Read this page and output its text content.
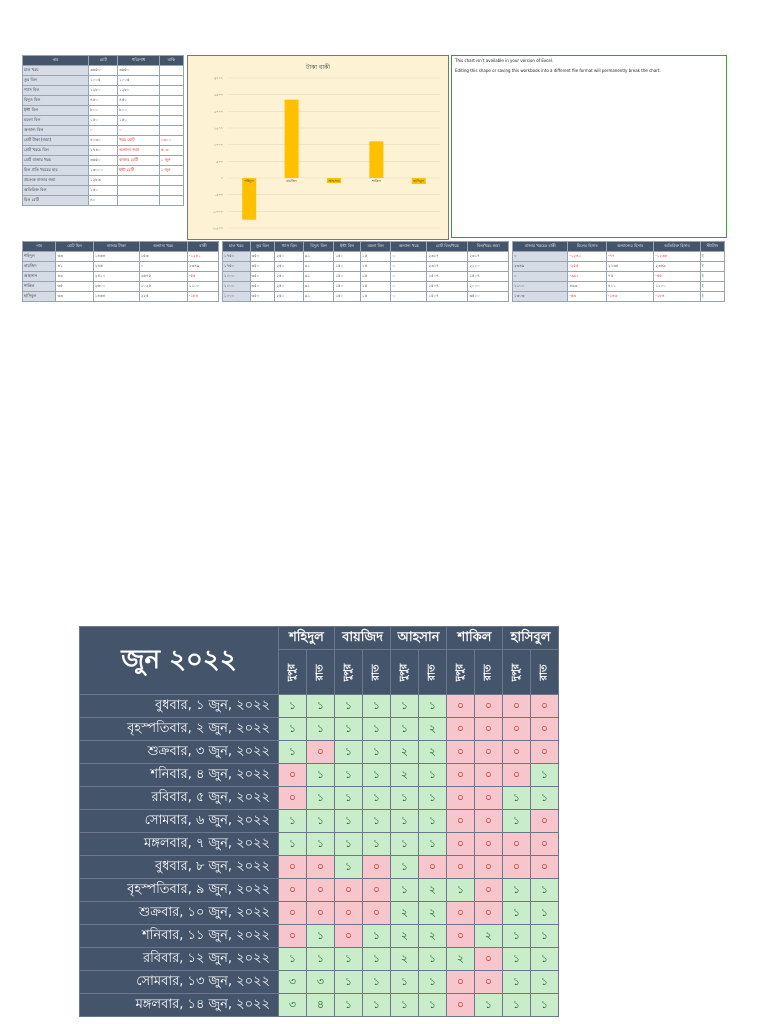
নাম	মোট	পরিশোধ	বাকি
চাল খরচ	৩৬৫০	৩৬৫০	
তুর বিল	১০০৫	১০০৫	
গ্যাস বিল	১২৮০	১২৮০	
বিদ্যুৎ বিল	৪৫০	৪৫০	
ইন্টা বিল	৮০০	৮০০	
ময়লা বিল	১৫০	১৫০	
অন্যান্য বিল	০	০	
মোট টাকা (জমা)	৪০৩০	খরচ মোট	১৩০০
মোট খরচে বিল	১৭৪০	অন্যান্য জমা	৫০৩
মোট বাজার খরচ	৩৬৫০	বাজার রেটি	১ জুন
মিল প্রতি খরচের হার	১৩০০০	ইন্টা রেটি	১ জুন
প্রত্যেক বাজার জমা	১২৮৩		
অতিরিক্ত বিল	১৫০		
মিল রেটি	৪০		
টাকা বাকী
৩০০০
২৫০০
২০০০
১৫০০
১০০০
৫০০
০
-৫০০
-১০০০
-১৫০০
শহিদুল	বায়জিদ	আহসান	শাকিল	হাসিবুল
This chart isn't available in your version of Excel.
Editing this shape or saving this workbook into a different file format will permanently break the chart.
নাম	মোট মিল	বাজার টাকা	অন্যান্য খরচ	বাকী
শহিদুল	৩৩	১৪৬৪	১৫৩	-১২৪১
বায়জিদ	৪১	২৪৬	০	২৩৪৯
আহসান	৪৩	২৪১০	২৬৭৫	-৫৫
শাকিল	৩৫	২৬০০	১০২৫	১১০০
হাসিবুল	৩৩	১৪৬৪	২২৫	-১৮৪
চাল খরচ	তুর বিল	গ্যাস বিল	বিদ্যুৎ বিল	ইন্টা বিল	ময়লা বিল	অন্যান্য খরচ	মোট বিল/খরচ	বিল/খরচ জমা
১৭৫০	৩৫০	২৫০	৯১	১৫০	১৫	০	২৩১৭	২৩১৭
১৭৫০	৩৫০	২৫০	৯১	১৫০	১৫	০	২৩১৭	২১০০
১০০০	৩৫০	২৫০	৯১	১৫০	১৫	০	১৫০৭	১৫০৭
১০০০	৩৫০	২৫০	৯১	১৫০	১৫	০	১৫০৭	২০০০
১০০০	৩৫০	২৫০	৯১	১৫০	১৫	০	১৫০৭	৩৫০০
বাজার খরচের বাকী	মিলের হিসাব	অন্যান্যের হিসাব	অতিরিক্ত হিসাব	স্ট্যাটাস
০	-১২৪১	-৭৭	-১২৩৮	ই
২৩৪৯	-২৫৫	২১৩৪	২৩৪৯	ই
০	-৩৯১	৭৫	-৫৫	ই
১১০০	৪৯৩	৪১১	১১০০	ই
১৩০৩	-৫৩	-১৪৩	-১৮৪	ই
জুন ২০২২	শহিদুল		বায়জিদ		আহসান		শাকিল		হাসিবুল	
	দুপুর	রাত	দুপুর	রাত	দুপুর	রাত	দুপুর	রাত	দুপুর	রাত
বুধবার, ১ জুন, ২০২২	১	১	১	১	১	১	০	০	০	০
বৃহস্পতিবার, ২ জুন, ২০২২	১	১	১	১	১	২	০	০	০	০
শুক্রবার, ৩ জুন, ২০২২	১	০	১	১	২	২	০	০	০	০
শনিবার, ৪ জুন, ২০২২	০	১	১	১	২	১	০	০	০	১
রবিবার, ৫ জুন, ২০২২	০	১	১	১	১	১	০	০	১	১
সোমবার, ৬ জুন, ২০২২	১	১	১	১	১	১	০	০	১	০
মঙ্গলবার, ৭ জুন, ২০২২	১	১	১	১	১	১	০	০	০	০
বুধবার, ৮ জুন, ২০২২	০	০	১	০	১	০	০	০	০	০
বৃহস্পতিবার, ৯ জুন, ২০২২	০	০	০	০	১	২	১	০	১	১
শুক্রবার, ১০ জুন, ২০২২	০	০	০	০	২	২	০	০	১	১
শনিবার, ১১ জুন, ২০২২	০	১	০	১	২	২	০	২	১	১
রবিবার, ১২ জুন, ২০২২	১	১	১	১	২	১	২	০	১	১
সোমবার, ১৩ জুন, ২০২২	৩	৩	১	১	১	১	০	০	১	১
মঙ্গলবার, ১৪ জুন, ২০২২	৩	৪	১	১	১	১	০	১	১	১
